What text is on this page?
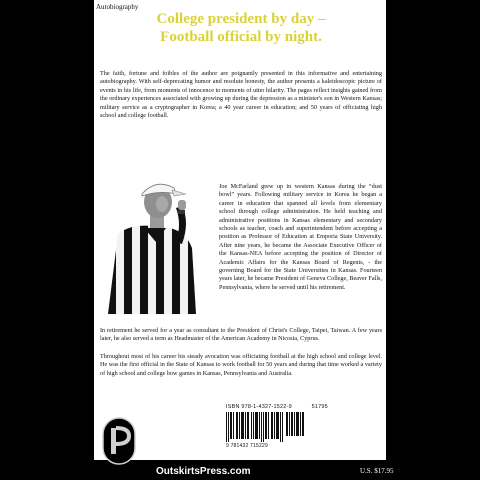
Autobiography
College president by day –
Football official by night.
The faith, fortune and foibles of the author are poignantly presented in this informative and entertaining autobiography. With self-deprecating humor and resolute honesty, the author presents a kaleidoscopic picture of events in his life, from moments of innocence to moments of utter hilarity. The pages reflect insights gained from the ordinary experiences associated with growing up during the depression as a minister's son in Western Kansas; military service as a cryptographer in Korea; a 40 year career in education; and 50 years of officiating high school and college football.
Joe McFarland grew up in western Kansas during the “dust bowl” years. Following military service in Korea he began a career in education that spanned all levels from elementary school through college administration. He held teaching and administrative positions in Kansas elementary and secondary schools as teacher, coach and superintendent before accepting a position as Professor of Education at Emporia State University. After nine years, he became the Associate Executive Officer of the Kansas-NEA before accepting the position of Director of Academic Affairs for the Kansas Board of Regents, - the governing Board for the State Universities in Kansas. Fourteen years later, he became President of Geneva College, Beaver Falls, Pennsylvania, where he served until his retirement.
In retirement he served for a year as consultant to the President of Christ's College, Taipei, Taiwan. A few years later, he also served a term as Headmaster of the American Academy in Nicosia, Cyprus.
Throughout most of his career his steady avocation was officiating football at the high school and college level. He was the first official in the State of Kansas to work football for 50 years and during that time worked a variety of high school and college bow games in Kansas, Pennsylvania and Australia.
ISBN 978-1-4327-1522-9	51795
9 781432 715229
OutskirtsPress.com	U.S. $17.95
